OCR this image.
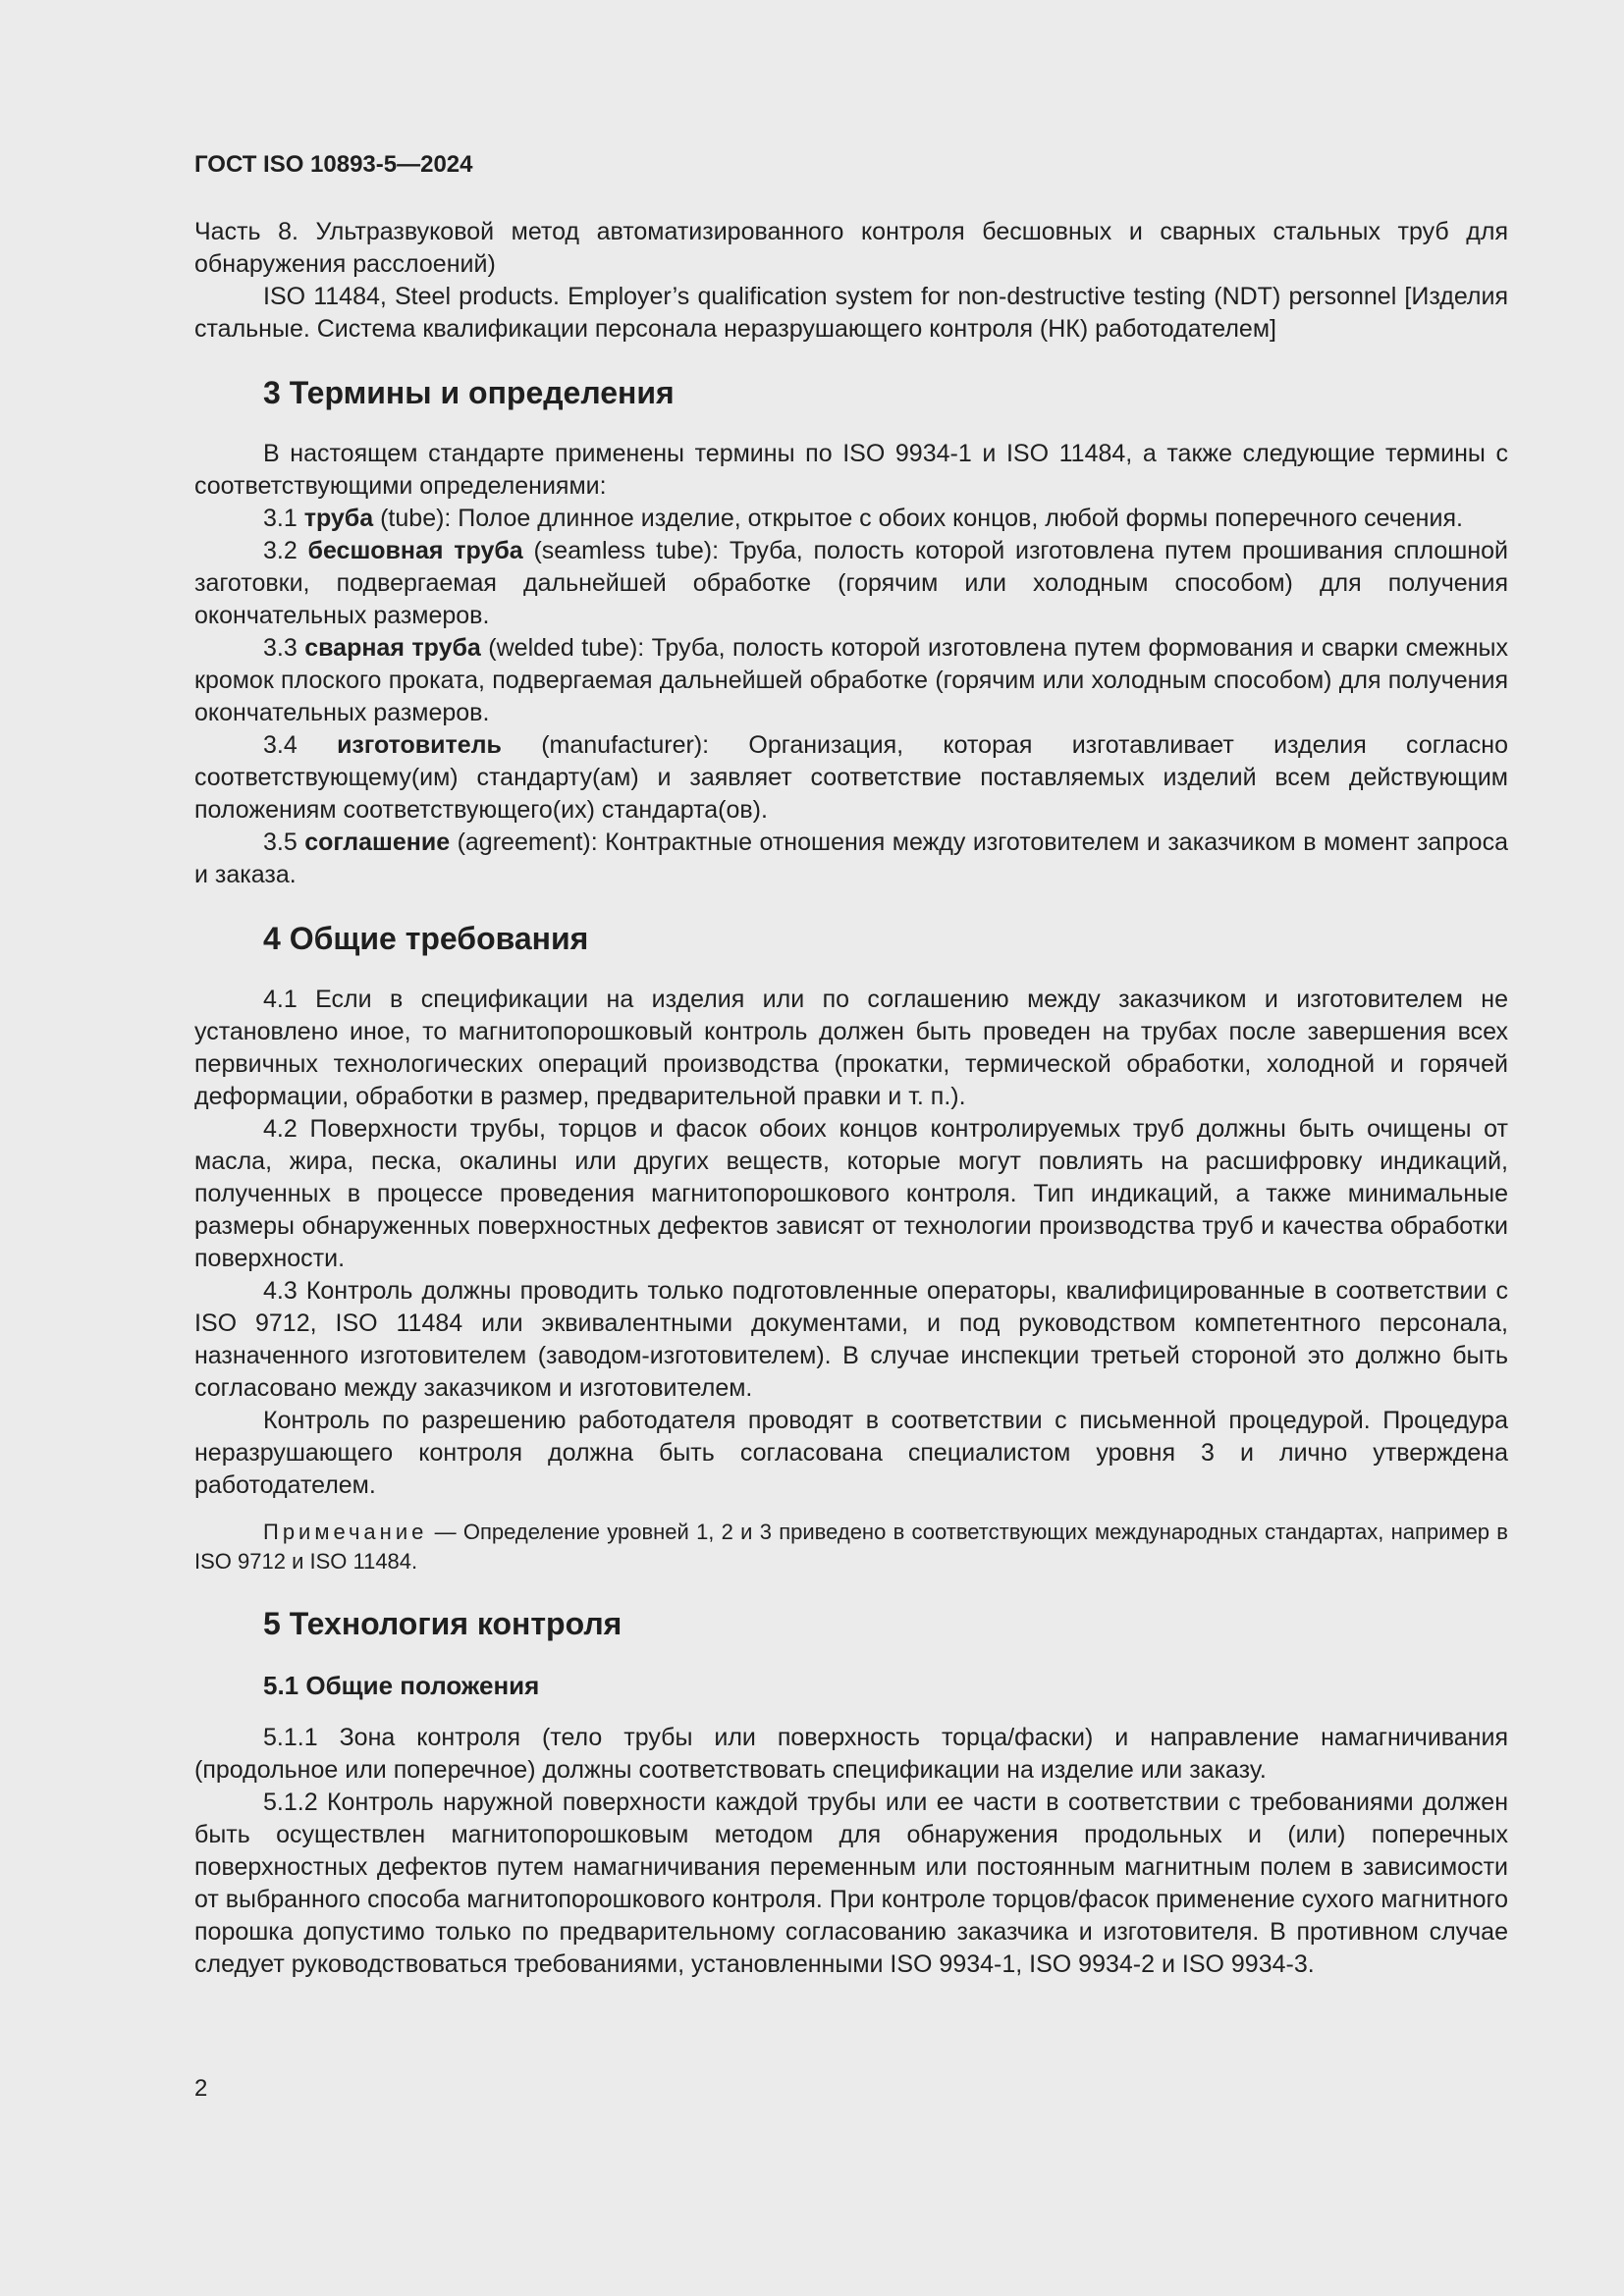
ГОСТ ISO 10893-5—2024

Часть 8. Ультразвуковой метод автоматизированного контроля бесшовных и сварных стальных труб для обнаружения расслоений)

ISO 11484, Steel products. Employer’s qualification system for non-destructive testing (NDT) personnel [Изделия стальные. Система квалификации персонала неразрушающего контроля (НК) работодателем]

3 Термины и определения

В настоящем стандарте применены термины по ISO 9934-1 и ISO 11484, а также следующие термины с соответствующими определениями:

3.1 труба (tube): Полое длинное изделие, открытое с обоих концов, любой формы поперечного сечения.

3.2 бесшовная труба (seamless tube): Труба, полость которой изготовлена путем прошивания сплошной заготовки, подвергаемая дальнейшей обработке (горячим или холодным способом) для получения окончательных размеров.

3.3 сварная труба (welded tube): Труба, полость которой изготовлена путем формования и сварки смежных кромок плоского проката, подвергаемая дальнейшей обработке (горячим или холодным способом) для получения окончательных размеров.

3.4 изготовитель (manufacturer): Организация, которая изготавливает изделия согласно соответствующему(им) стандарту(ам) и заявляет соответствие поставляемых изделий всем действующим положениям соответствующего(их) стандарта(ов).

3.5 соглашение (agreement): Контрактные отношения между изготовителем и заказчиком в момент запроса и заказа.

4 Общие требования

4.1 Если в спецификации на изделия или по соглашению между заказчиком и изготовителем не установлено иное, то магнитопорошковый контроль должен быть проведен на трубах после завершения всех первичных технологических операций производства (прокатки, термической обработки, холодной и горячей деформации, обработки в размер, предварительной правки и т. п.).

4.2 Поверхности трубы, торцов и фасок обоих концов контролируемых труб должны быть очищены от масла, жира, песка, окалины или других веществ, которые могут повлиять на расшифровку индикаций, полученных в процессе проведения магнитопорошкового контроля. Тип индикаций, а также минимальные размеры обнаруженных поверхностных дефектов зависят от технологии производства труб и качества обработки поверхности.

4.3 Контроль должны проводить только подготовленные операторы, квалифицированные в соответствии с ISO 9712, ISO 11484 или эквивалентными документами, и под руководством компетентного персонала, назначенного изготовителем (заводом-изготовителем). В случае инспекции третьей стороной это должно быть согласовано между заказчиком и изготовителем.

Контроль по разрешению работодателя проводят в соответствии с письменной процедурой. Процедура неразрушающего контроля должна быть согласована специалистом уровня 3 и лично утверждена работодателем.

Примечание — Определение уровней 1, 2 и 3 приведено в соответствующих международных стандартах, например в ISO 9712 и ISO 11484.

5 Технология контроля
5.1 Общие положения

5.1.1 Зона контроля (тело трубы или поверхность торца/фаски) и направление намагничивания (продольное или поперечное) должны соответствовать спецификации на изделие или заказу.

5.1.2 Контроль наружной поверхности каждой трубы или ее части в соответствии с требованиями должен быть осуществлен магнитопорошковым методом для обнаружения продольных и (или) поперечных поверхностных дефектов путем намагничивания переменным или постоянным магнитным полем в зависимости от выбранного способа магнитопорошкового контроля. При контроле торцов/фасок применение сухого магнитного порошка допустимо только по предварительному согласованию заказчика и изготовителя. В противном случае следует руководствоваться требованиями, установленными ISO 9934-1, ISO 9934-2 и ISO 9934-3.

2
